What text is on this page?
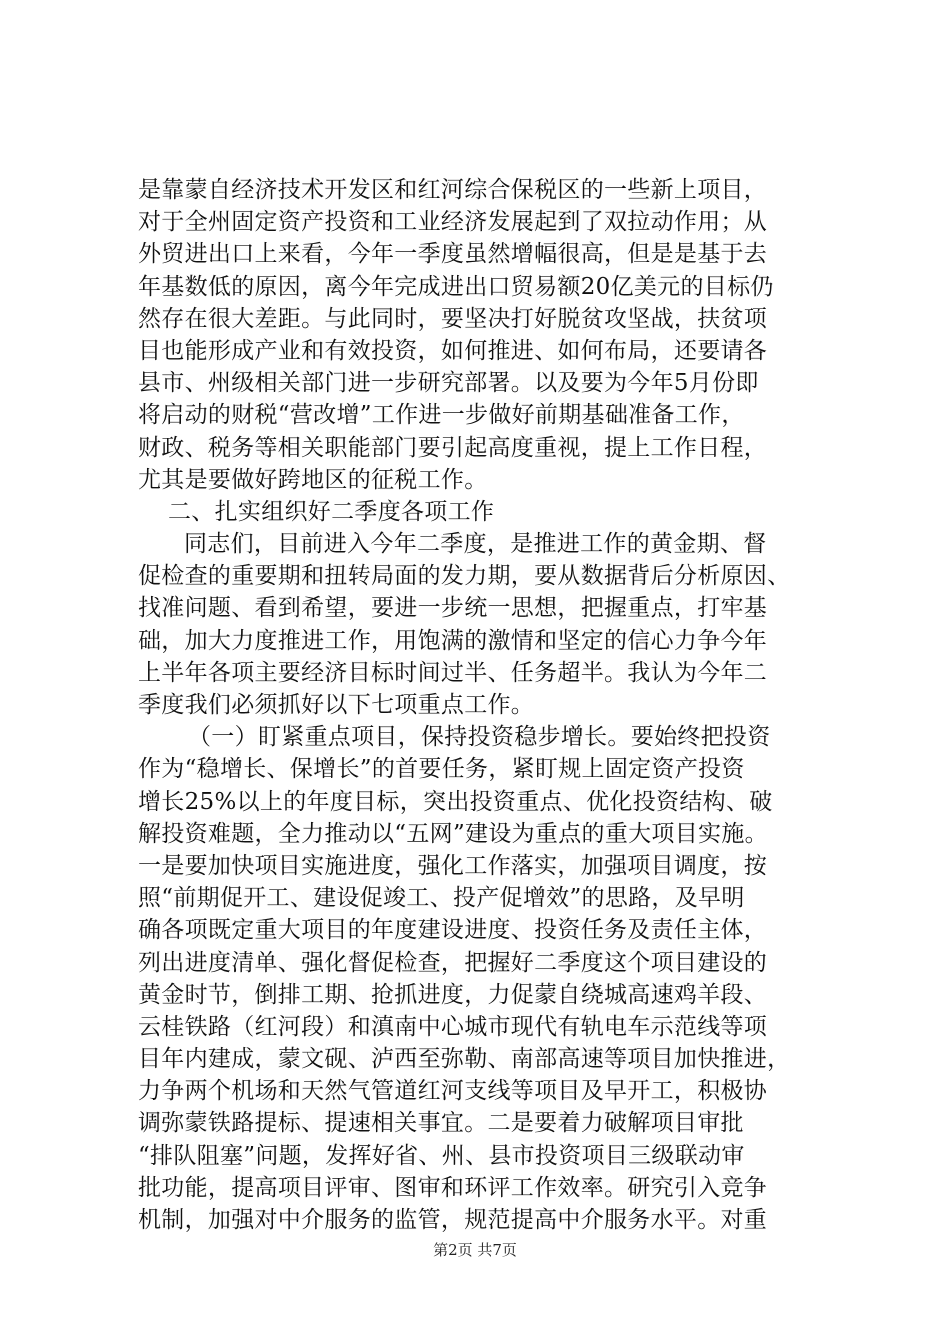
是靠蒙自经济技术开发区和红河综合保税区的一些新上项目，
对于全州固定资产投资和工业经济发展起到了双拉动作用；从
外贸进出口上来看，今年一季度虽然增幅很高，但是是基于去
年基数低的原因，离今年完成进出口贸易额20亿美元的目标仍
然存在很大差距。与此同时，要坚决打好脱贫攻坚战，扶贫项
目也能形成产业和有效投资，如何推进、如何布局，还要请各
县市、州级相关部门进一步研究部署。以及要为今年5月份即
将启动的财税“营改增”工作进一步做好前期基础准备工作，
财政、税务等相关职能部门要引起高度重视，提上工作日程，
尤其是要做好跨地区的征税工作。
二、扎实组织好二季度各项工作
同志们，目前进入今年二季度，是推进工作的黄金期、督
促检查的重要期和扭转局面的发力期，要从数据背后分析原因、
找准问题、看到希望，要进一步统一思想，把握重点，打牢基
础，加大力度推进工作，用饱满的激情和坚定的信心力争今年
上半年各项主要经济目标时间过半、任务超半。我认为今年二
季度我们必须抓好以下七项重点工作。
（一）盯紧重点项目，保持投资稳步增长。要始终把投资
作为“稳增长、保增长”的首要任务，紧盯规上固定资产投资
增长25%以上的年度目标，突出投资重点、优化投资结构、破
解投资难题，全力推动以“五网”建设为重点的重大项目实施。
一是要加快项目实施进度，强化工作落实，加强项目调度，按
照“前期促开工、建设促竣工、投产促增效”的思路，及早明
确各项既定重大项目的年度建设进度、投资任务及责任主体，
列出进度清单、强化督促检查，把握好二季度这个项目建设的
黄金时节，倒排工期、抢抓进度，力促蒙自绕城高速鸡羊段、
云桂铁路（红河段）和滇南中心城市现代有轨电车示范线等项
目年内建成，蒙文砚、泸西至弥勒、南部高速等项目加快推进，
力争两个机场和天然气管道红河支线等项目及早开工，积极协
调弥蒙铁路提标、提速相关事宜。二是要着力破解项目审批
“排队阻塞”问题，发挥好省、州、县市投资项目三级联动审
批功能，提高项目评审、图审和环评工作效率。研究引入竞争
机制，加强对中介服务的监管，规范提高中介服务水平。对重
第2页 共7页
